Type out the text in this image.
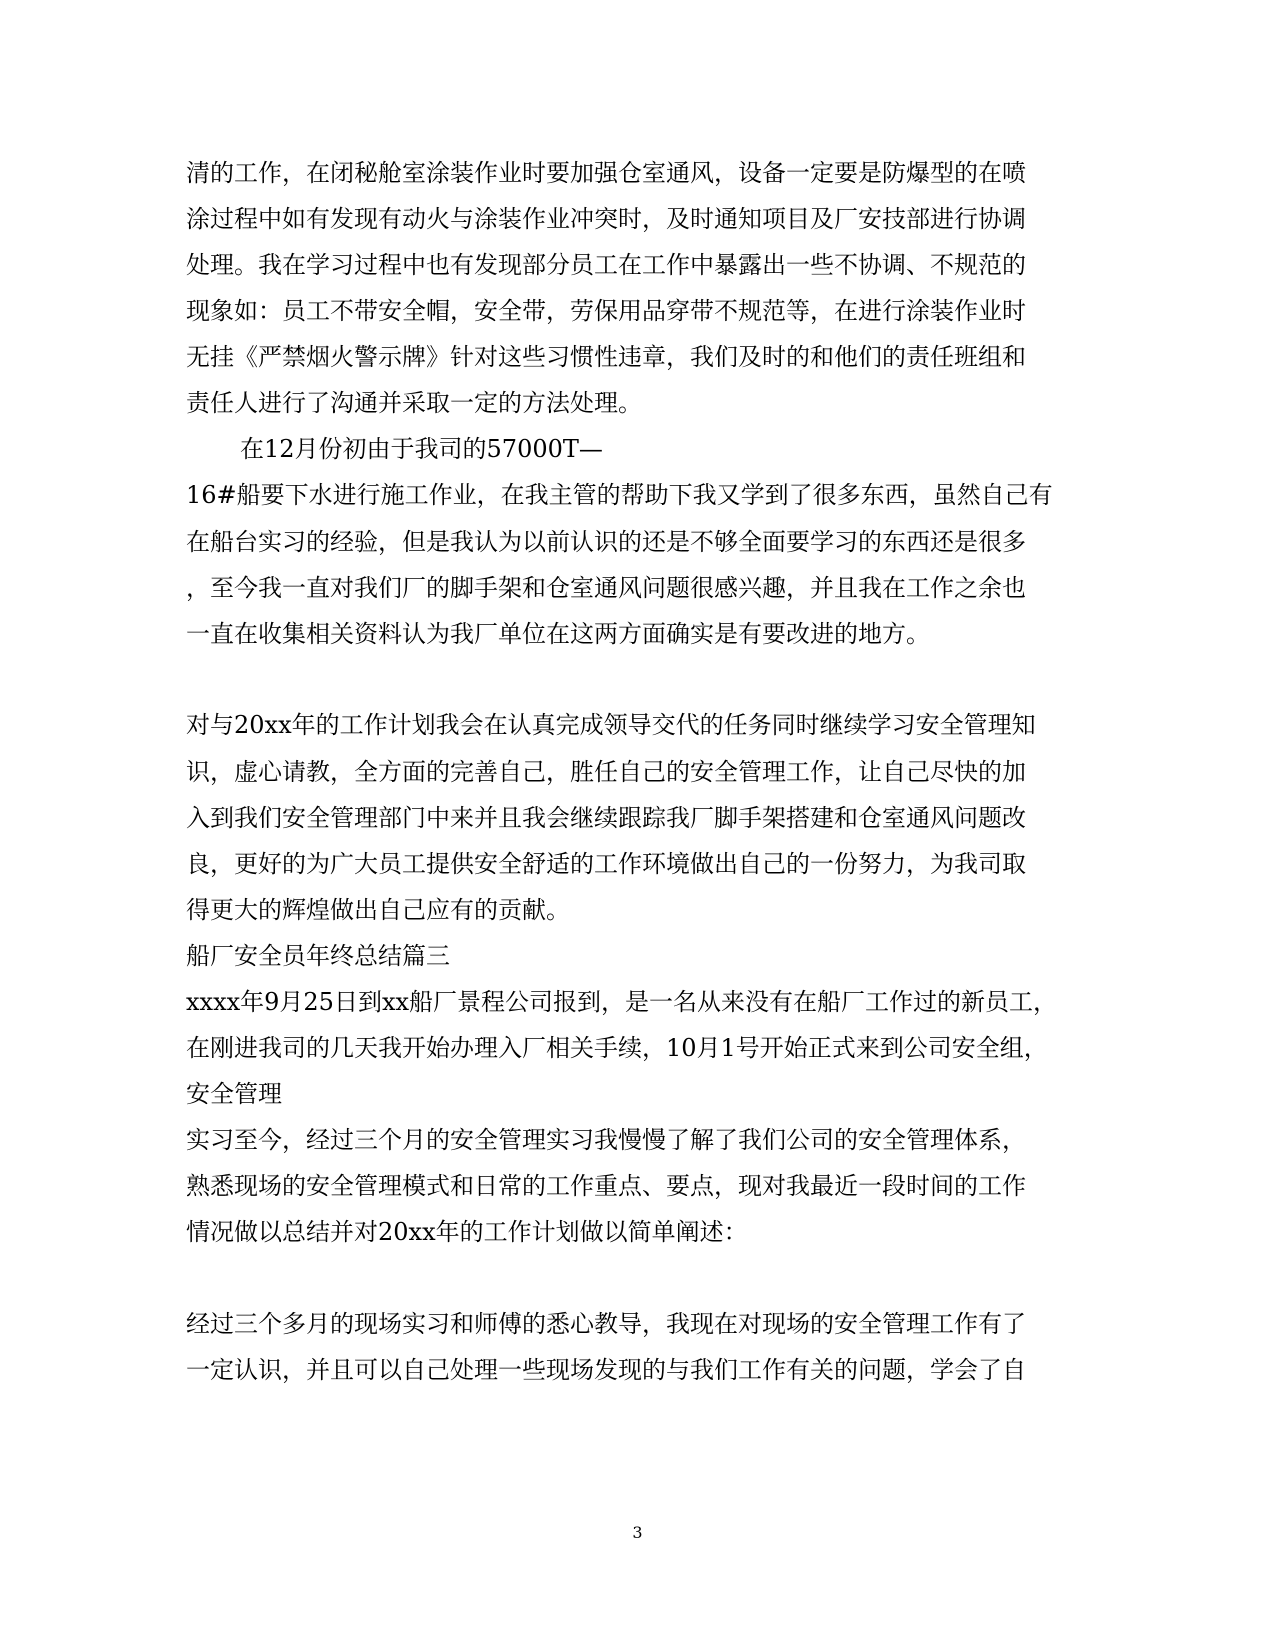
清的工作，在闭秘舱室涂装作业时要加强仓室通风，设备一定要是防爆型的在喷
涂过程中如有发现有动火与涂装作业冲突时，及时通知项目及厂安技部进行协调
处理。我在学习过程中也有发现部分员工在工作中暴露出一些不协调、不规范的
现象如：员工不带安全帽，安全带，劳保用品穿带不规范等，在进行涂装作业时
无挂《严禁烟火警示牌》针对这些习惯性违章，我们及时的和他们的责任班组和
责任人进行了沟通并采取一定的方法处理。
在12月份初由于我司的57000T—
16#船要下水进行施工作业，在我主管的帮助下我又学到了很多东西，虽然自己有
在船台实习的经验，但是我认为以前认识的还是不够全面要学习的东西还是很多
，至今我一直对我们厂的脚手架和仓室通风问题很感兴趣，并且我在工作之余也
一直在收集相关资料认为我厂单位在这两方面确实是有要改进的地方。
对与20xx年的工作计划我会在认真完成领导交代的任务同时继续学习安全管理知
识，虚心请教，全方面的完善自己，胜任自己的安全管理工作，让自己尽快的加
入到我们安全管理部门中来并且我会继续跟踪我厂脚手架搭建和仓室通风问题改
良，更好的为广大员工提供安全舒适的工作环境做出自己的一份努力，为我司取
得更大的辉煌做出自己应有的贡献。
船厂安全员年终总结篇三
xxxx年9月25日到xx船厂景程公司报到，是一名从来没有在船厂工作过的新员工，
在刚进我司的几天我开始办理入厂相关手续，10月1号开始正式来到公司安全组，
安全管理
实习至今，经过三个月的安全管理实习我慢慢了解了我们公司的安全管理体系，
熟悉现场的安全管理模式和日常的工作重点、要点，现对我最近一段时间的工作
情况做以总结并对20xx年的工作计划做以简单阐述：
经过三个多月的现场实习和师傅的悉心教导，我现在对现场的安全管理工作有了
一定认识，并且可以自己处理一些现场发现的与我们工作有关的问题，学会了自
3
